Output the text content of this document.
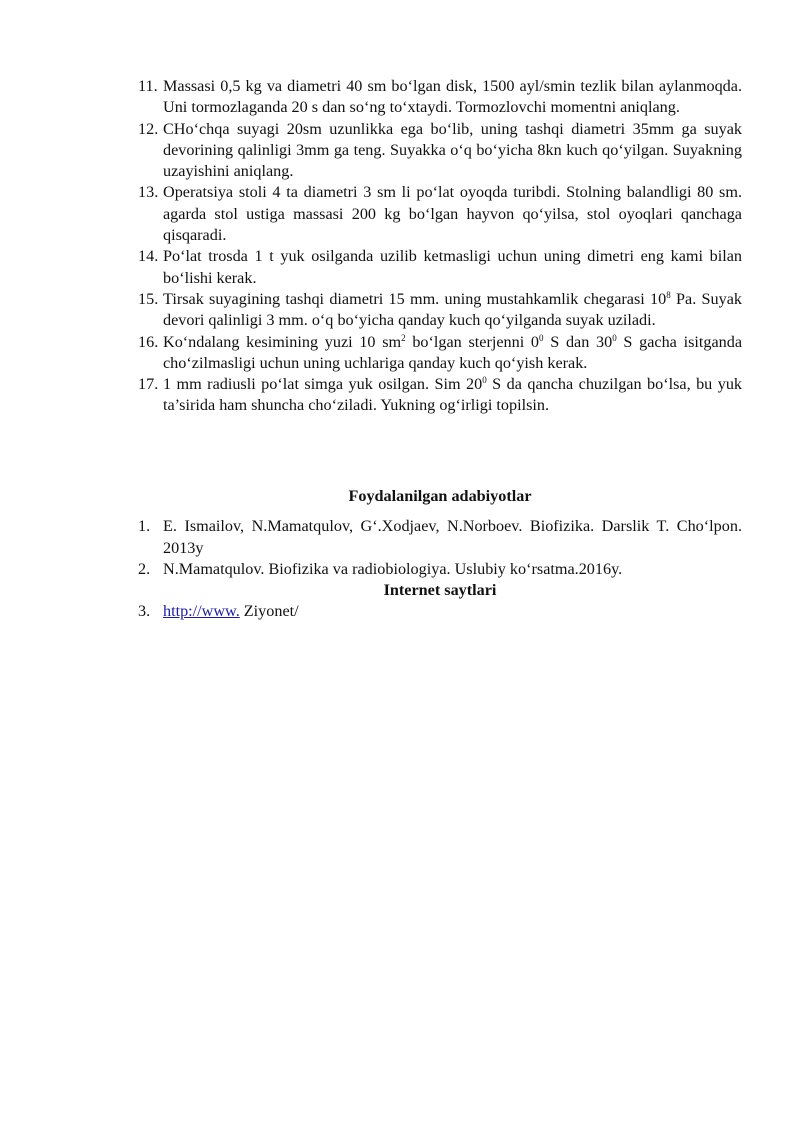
11. Massasi 0,5 kg va diametri 40 sm bo‘lgan disk, 1500 ayl/smin tezlik bilan aylanmoqda. Uni tormozlaganda 20 s dan so‘ng to‘xtaydi. Tormozlovchi momentni aniqlang.
12. CHo‘chqa suyagi 20sm uzunlikka ega bo‘lib, uning tashqi diametri 35mm ga suyak devorining qalinligi 3mm ga teng. Suyakka o‘q bo‘yicha 8kn kuch qo‘yilgan. Suyakning uzayishini aniqlang.
13. Operatsiya stoli 4 ta diametri 3 sm li po‘lat oyoqda turibdi. Stolning balandligi 80 sm. agarda stol ustiga massasi 200 kg bo‘lgan hayvon qo‘yilsa, stol oyoqlari qanchaga qisqaradi.
14. Po‘lat trosda 1 t yuk osilganda uzilib ketmasligi uchun uning dimetri eng kami bilan bo‘lishi kerak.
15. Tirsak suyagining tashqi diametri 15 mm. uning mustahkamlik chegarasi $10^8$ Pa. Suyak devori qalinligi 3 mm. o‘q bo‘yicha qanday kuch qo‘yilganda suyak uziladi.
16. Ko‘ndalang kesimining yuzi 10 $sm^2$ bo‘lgan sterjenni $0^0$ S dan $30^0$ S gacha isitganda cho‘zilmasligi uchun uning uchlariga qanday kuch qo‘yish kerak.
17. 1 mm radiusli po‘lat simga yuk osilgan. Sim $20^0$ S da qancha chuzilgan bo‘lsa, bu yuk ta’sirida ham shuncha cho‘ziladi. Yukning og‘irligi topilsin.
Foydalanilgan adabiyotlar
1. E. Ismailov, N.Mamatqulov, G‘.Xodjaev, N.Norboev. Biofizika. Darslik T. Cho‘lpon. 2013y
2. N.Mamatqulov. Biofizika va radiobiologiya. Uslubiy ko‘rsatma.2016y.
Internet saytlari
3. http://www. Ziyonet/
